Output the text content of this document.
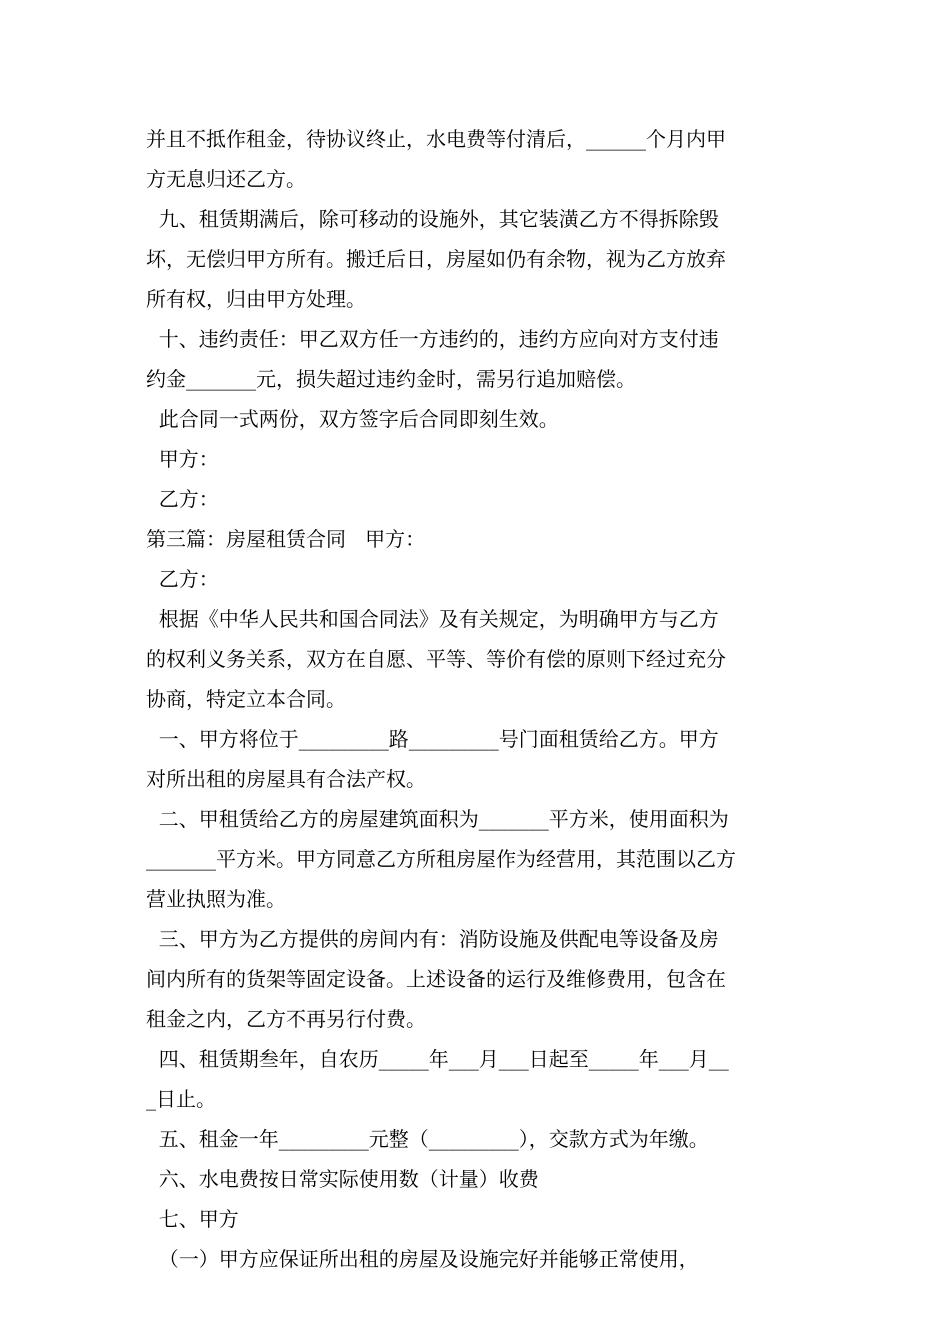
并且不抵作租金，待协议终止，水电费等付清后，______个月内甲
方无息归还乙方。
九、租赁期满后，除可移动的设施外，其它装潢乙方不得拆除毁
坏，无偿归甲方所有。搬迁后日，房屋如仍有余物，视为乙方放弃
所有权，归由甲方处理。
十、违约责任：甲乙双方任一方违约的，违约方应向对方支付违
约金_______元，损失超过违约金时，需另行追加赔偿。
此合同一式两份，双方签字后合同即刻生效。
甲方：
乙方：
第三篇：房屋租赁合同   甲方：
乙方：
根据《中华人民共和国合同法》及有关规定，为明确甲方与乙方
的权利义务关系，双方在自愿、平等、等价有偿的原则下经过充分
协商，特定立本合同。
一、甲方将位于_________路_________号门面租赁给乙方。甲方
对所出租的房屋具有合法产权。
二、甲租赁给乙方的房屋建筑面积为_______平方米，使用面积为
_______平方米。甲方同意乙方所租房屋作为经营用，其范围以乙方
营业执照为准。
三、甲方为乙方提供的房间内有：消防设施及供配电等设备及房
间内所有的货架等固定设备。上述设备的运行及维修费用，包含在
租金之内，乙方不再另行付费。
四、租赁期叁年，自农历_____年___月___日起至_____年___月__
_日止。
五、租金一年_________元整（_________），交款方式为年缴。
六、水电费按日常实际使用数（计量）收费
七、甲方
（一）甲方应保证所出租的房屋及设施完好并能够正常使用，
